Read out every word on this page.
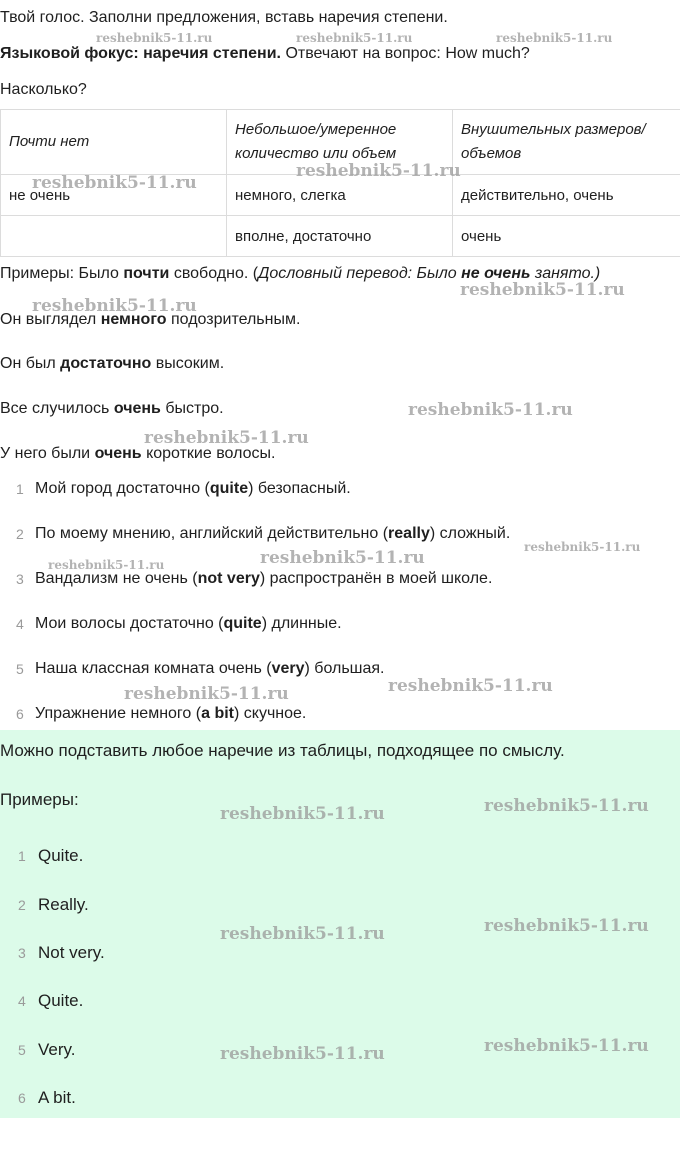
Твой голос. Заполни предложения, вставь наречия степени.
Языковой фокус: наречия степени. Отвечают на вопрос: How much?
Насколько?
Почти нет	Небольшое/умеренное количество или объем	Внушительных размеров/ объемов
не очень	немного, слегка	действительно, очень
	вполне, достаточно	очень
Примеры: Было почти свободно. (Дословный перевод: Было не очень занято.)
Он выглядел немного подозрительным.
Он был достаточно высоким.
Все случилось очень быстро.
У него были очень короткие волосы.
1 Мой город достаточно (quite) безопасный.
2 По моему мнению, английский действительно (really) сложный.
3 Вандализм не очень (not very) распространён в моей школе.
4 Мои волосы достаточно (quite) длинные.
5 Наша классная комната очень (very) большая.
6 Упражнение немного (a bit) скучное.
Можно подставить любое наречие из таблицы, подходящее по смыслу.
Примеры:
1 Quite.
2 Really.
3 Not very.
4 Quite.
5 Very.
6 A bit.
reshebnik5-11.ru	reshebnik5-11.ru	reshebnik5-11.ru
reshebnik5-11.ru
reshebnik5-11.ru
reshebnik5-11.ru
reshebnik5-11.ru
reshebnik5-11.ru
reshebnik5-11.ru
reshebnik5-11.ru
reshebnik5-11.ru	reshebnik5-11.ru
reshebnik5-11.ru
reshebnik5-11.ru
reshebnik5-11.ru	reshebnik5-11.ru
reshebnik5-11.ru
reshebnik5-11.ru
reshebnik5-11.ru
reshebnik5-11.ru
